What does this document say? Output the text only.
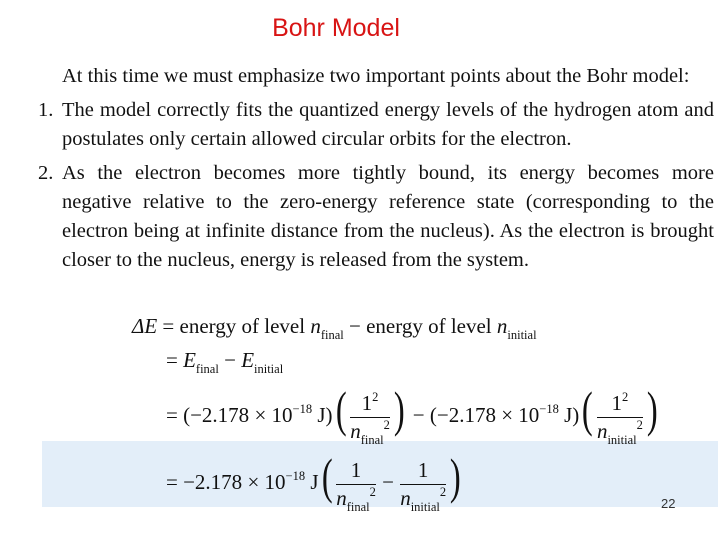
Bohr Model
At this time we must emphasize two important points about the Bohr model:
1. The model correctly fits the quantized energy levels of the hydrogen atom and postulates only certain allowed circular orbits for the electron.
2. As the electron becomes more tightly bound, its energy becomes more negative relative to the zero-energy reference state (corresponding to the electron being at infinite distance from the nucleus). As the electron is brought closer to the nucleus, energy is released from the system.
ΔE = energy of level $n_{final}$ − energy of level $n_{initial}$
= $E_{final} - E_{initial}$
= ($-2.178 \times 10^{-18}$ $J)( \frac{1^2}{n_{final}^2}$ ) − ($-2.178 \times 10^{-18}$ $J)( \frac{1^2}{n_{initial}^2}$ )
= $-2.178 \times 10^{-18}$ $J( \frac{1}{n_{final}^2} - \frac{1}{n_{initial}^2}$ )	22
